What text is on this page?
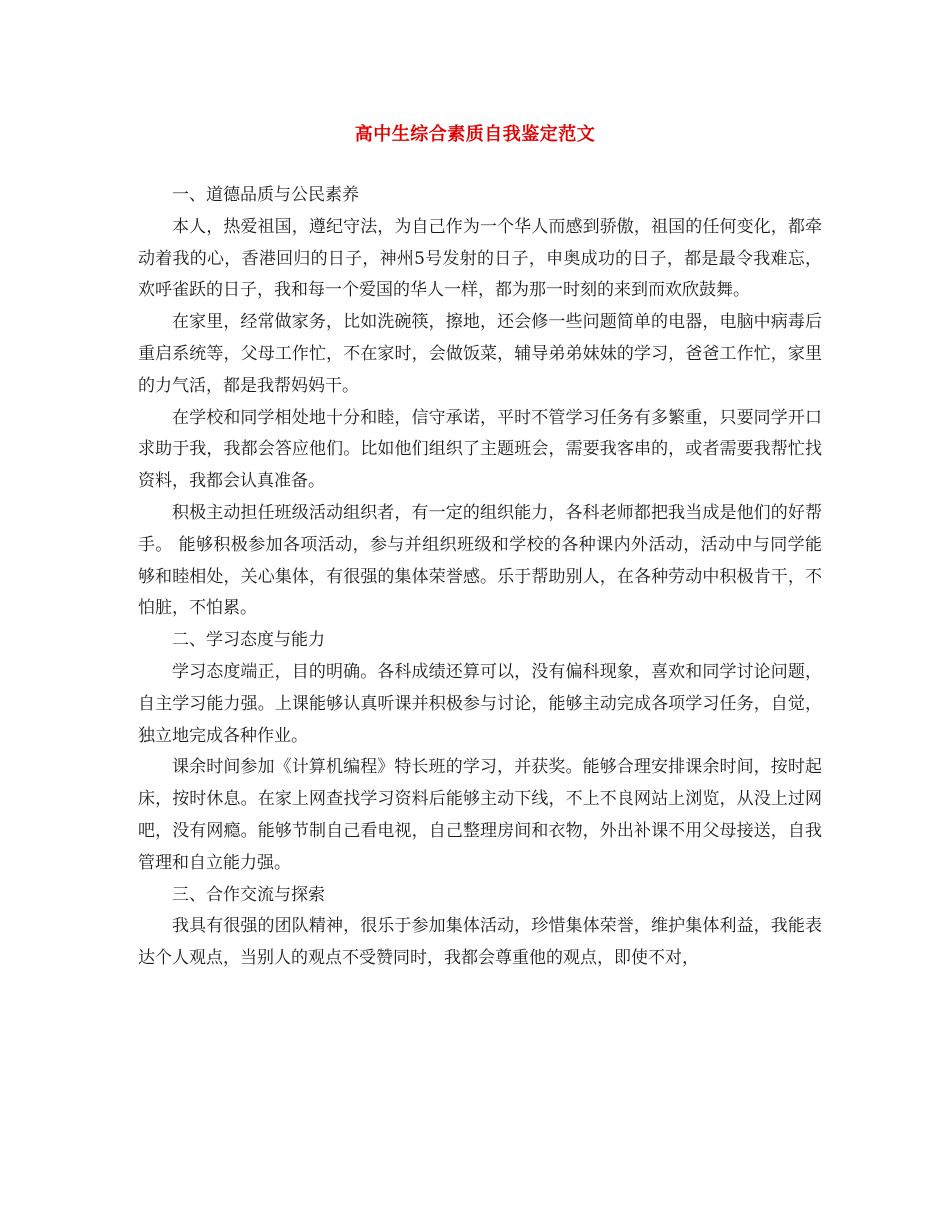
高中生综合素质自我鉴定范文

一、道德品质与公民素养

本人，热爱祖国，遵纪守法，为自己作为一个华人而感到骄傲，祖国的任何变化，都牵动着我的心，香港回归的日子，神州5号发射的日子，申奥成功的日子，都是最令我难忘，欢呼雀跃的日子，我和每一个爱国的华人一样，都为那一时刻的来到而欢欣鼓舞。

在家里，经常做家务，比如洗碗筷，擦地，还会修一些问题简单的电器，电脑中病毒后重启系统等，父母工作忙，不在家时，会做饭菜，辅导弟弟妹妹的学习，爸爸工作忙，家里的力气活，都是我帮妈妈干。

在学校和同学相处地十分和睦，信守承诺，平时不管学习任务有多繁重，只要同学开口求助于我，我都会答应他们。比如他们组织了主题班会，需要我客串的，或者需要我帮忙找资料，我都会认真准备。

积极主动担任班级活动组织者，有一定的组织能力，各科老师都把我当成是他们的好帮手。 能够积极参加各项活动，参与并组织班级和学校的各种课内外活动，活动中与同学能够和睦相处，关心集体，有很强的集体荣誉感。乐于帮助别人，在各种劳动中积极肯干，不怕脏，不怕累。

二、学习态度与能力

学习态度端正，目的明确。各科成绩还算可以，没有偏科现象，喜欢和同学讨论问题，自主学习能力强。上课能够认真听课并积极参与讨论，能够主动完成各项学习任务，自觉，独立地完成各种作业。

课余时间参加《计算机编程》特长班的学习，并获奖。能够合理安排课余时间，按时起床，按时休息。在家上网查找学习资料后能够主动下线，不上不良网站上浏览，从没上过网吧，没有网瘾。能够节制自己看电视，自己整理房间和衣物，外出补课不用父母接送，自我管理和自立能力强。

三、合作交流与探索

我具有很强的团队精神，很乐于参加集体活动，珍惜集体荣誉，维护集体利益，我能表达个人观点，当别人的观点不受赞同时，我都会尊重他的观点，即使不对，
